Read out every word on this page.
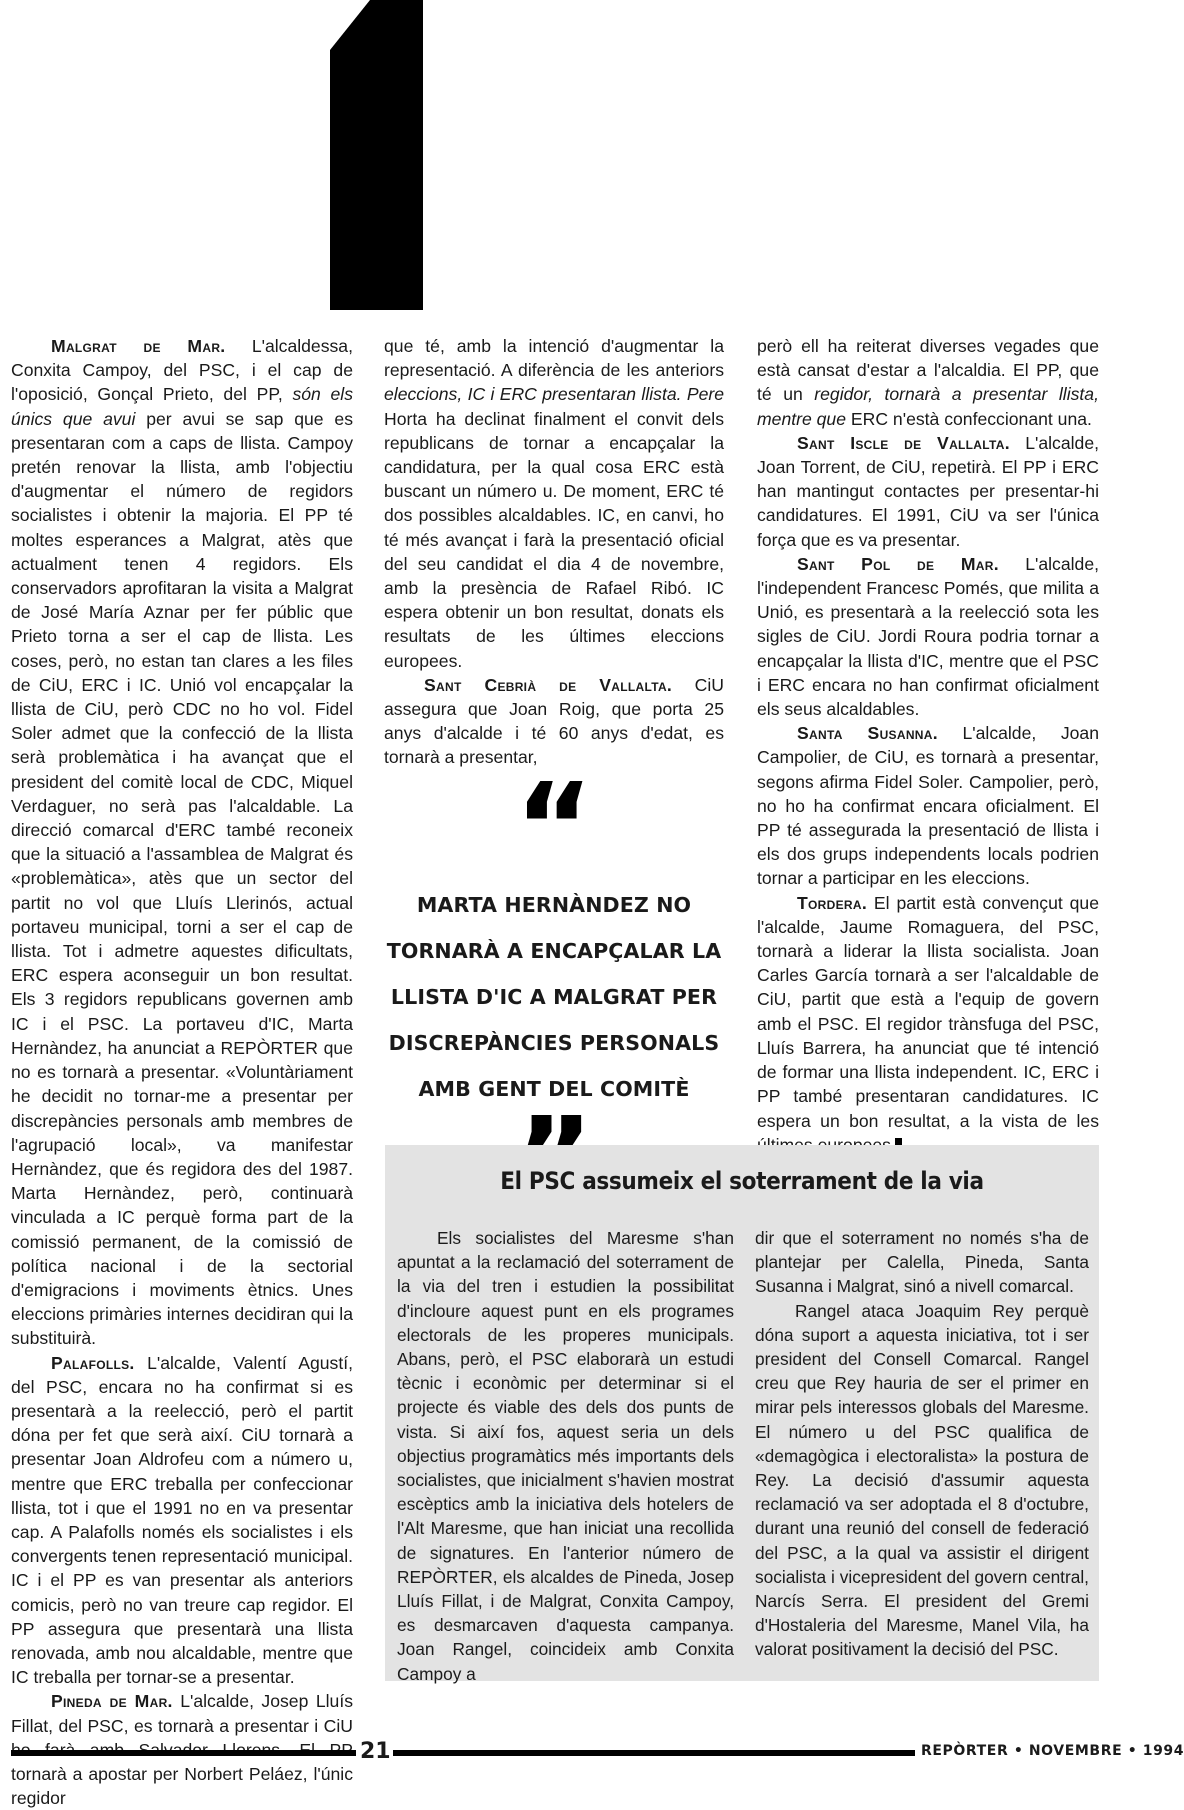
Malgrat de Mar. L'alcaldessa, Conxita Campoy, del PSC, i el cap de l'oposició, Gonçal Prieto, del PP, són els únics que avui per avui se sap que es presentaran com a caps de llista. Campoy pretén renovar la llista, amb l'objectiu d'augmentar el número de regidors socialistes i obtenir la majoria. El PP té moltes esperances a Malgrat, atès que actualment tenen 4 regidors. Els conservadors aprofitaran la visita a Malgrat de José María Aznar per fer públic que Prieto torna a ser el cap de llista. Les coses, però, no estan tan clares a les files de CiU, ERC i IC. Unió vol encapçalar la llista de CiU, però CDC no ho vol. Fidel Soler admet que la confecció de la llista serà problemàtica i ha avançat que el president del comitè local de CDC, Miquel Verdaguer, no serà pas l'alcaldable. La direcció comarcal d'ERC també reconeix que la situació a l'assamblea de Malgrat és «problemàtica», atès que un sector del partit no vol que Lluís Llerinós, actual portaveu municipal, torni a ser el cap de llista. Tot i admetre aquestes dificultats, ERC espera aconseguir un bon resultat. Els 3 regidors republicans governen amb IC i el PSC. La portaveu d'IC, Marta Hernàndez, ha anunciat a REPÒRTER que no es tornarà a presentar. «Voluntàriament he decidit no tornar-me a presentar per discrepàncies personals amb membres de l'agrupació local», va manifestar Hernàndez, que és regidora des del 1987. Marta Hernàndez, però, continuarà vinculada a IC perquè forma part de la comissió permanent, de la comissió de política nacional i de la sectorial d'emigracions i moviments ètnics. Unes eleccions primàries internes decidiran qui la substituirà.

Palafolls. L'alcalde, Valentí Agustí, del PSC, encara no ha confirmat si es presentarà a la reelecció, però el partit dóna per fet que serà així. CiU tornarà a presentar Joan Aldrofeu com a número u, mentre que ERC treballa per confeccionar llista, tot i que el 1991 no en va presentar cap. A Palafolls només els socialistes i els convergents tenen representació municipal. IC i el PP es van presentar als anteriors comicis, però no van treure cap regidor. El PP assegura que presentarà una llista renovada, amb nou alcaldable, mentre que IC treballa per tornar-se a presentar.

Pineda de Mar. L'alcalde, Josep Lluís Fillat, del PSC, es tornarà a presentar i CiU tornarà a apostar per Norbert Peláez, l'únic regidor

que té, amb la intenció d'augmentar la representació. A diferència de les anteriors eleccions, IC i ERC presentaran llista. Pere Horta ha declinat finalment el convit dels republicans de tornar a encapçalar la candidatura, per la qual cosa ERC està buscant un número u. De moment, ERC té dos possibles alcaldables. IC, en canvi, ho té més avançat i farà la presentació oficial del seu candidat el dia 4 de novembre, amb la presència de Rafael Ribó. IC espera obtenir un bon resultat, donats els resultats de les últimes eleccions europees.

Sant Cebrià de Vallalta. CiU assegura que Joan Roig, que porta 25 anys d'alcalde i té 60 anys d'edat, es tornarà a presentar,

“
MARTA HERNÀNDEZ NO TORNARÀ A ENCAPÇALAR LA LLISTA D'IC A MALGRAT PER DISCREPÀNCIES PERSONALS AMB GENT DEL COMITÈ

però ell ha reiterat diverses vegades que està cansat d'estar a l'alcaldia. El PP, que té un regidor, tornarà a presentar llista, mentre que ERC n'està confeccionant una.

Sant Iscle de Vallalta. L'alcalde, Joan Torrent, de CiU, repetirà. El PP i ERC han mantingut contactes per presentar-hi candidatures. El 1991, CiU va ser l'única força que es va presentar.

Sant Pol de Mar. L'alcalde, l'independent Francesc Pomés, que milita a Unió, es presentarà a la reelecció sota les sigles de CiU. Jordi Roura podria tornar a encapçalar la llista d'IC, mentre que el PSC i ERC encara no han confirmat oficialment els seus alcaldables.

Santa Susanna. L'alcalde, Joan Campolier, de CiU, es tornarà a presentar, segons afirma Fidel Soler. Campolier, però, no ho ha confirmat encara oficialment. El PP té assegurada la presentació de llista i els dos grups independents locals podrien tornar a participar en les eleccions.

Tordera. El partit està convençut que l'alcalde, Jaume Romaguera, del PSC, tornarà a liderar la llista socialista. Joan Carles García tornarà a ser l'alcaldable de CiU, partit que està a l'equip de govern amb el PSC. El regidor trànsfuga del PSC, Lluís Barrera, ha anunciat que té intenció de formar una llista independent. IC, ERC i PP també presentaran candidatures. IC espera un bon resultat, a la vista de les

El PSC assumeix el soterrament de la via

Els socialistes del Maresme s'han apuntat a la reclamació del soterrament de la via del tren i estudien la possibilitat d'incloure aquest punt en els programes electorals de les properes municipals. Abans, però, el PSC elaborarà un estudi tècnic i econòmic per determinar si el projecte és viable des dels dos punts de vista. Si així fos, aquest seria un dels objectius programàtics més importants dels socialistes, que inicialment s'havien mostrat escèptics amb la iniciativa dels hotelers de l'Alt Maresme, que han iniciat una recollida de signatures. En l'anterior número de REPÒRTER, els alcaldes de Pineda, Josep Lluís Fillat, i de Malgrat, Conxita Campoy, es desmarcaven d'aquesta campanya. Joan Rangel, coincideix amb Conxita Campoy a

dir que el soterrament no només s'ha de plantejar per Calella, Pineda, Santa Susanna i Malgrat, sinó a nivell comarcal.

Rangel ataca Joaquim Rey perquè dóna suport a aquesta iniciativa, tot i ser president del Consell Comarcal. Rangel creu que Rey hauria de ser el primer en mirar pels interessos globals del Maresme. El número u del PSC qualifica de «demagògica i electoralista» la postura de Rey. La decisió d'assumir aquesta reclamació va ser adoptada el 8 d'octubre, durant una reunió del consell de federació del PSC, a la qual va assistir el dirigent socialista i vicepresident del govern central, Narcís Serra. El president del Gremi d'Hostaleria del Maresme, Manel Vila, ha valorat positivament la decisió del PSC.

21	REPÒRTER • NOVEMBRE • 1994
